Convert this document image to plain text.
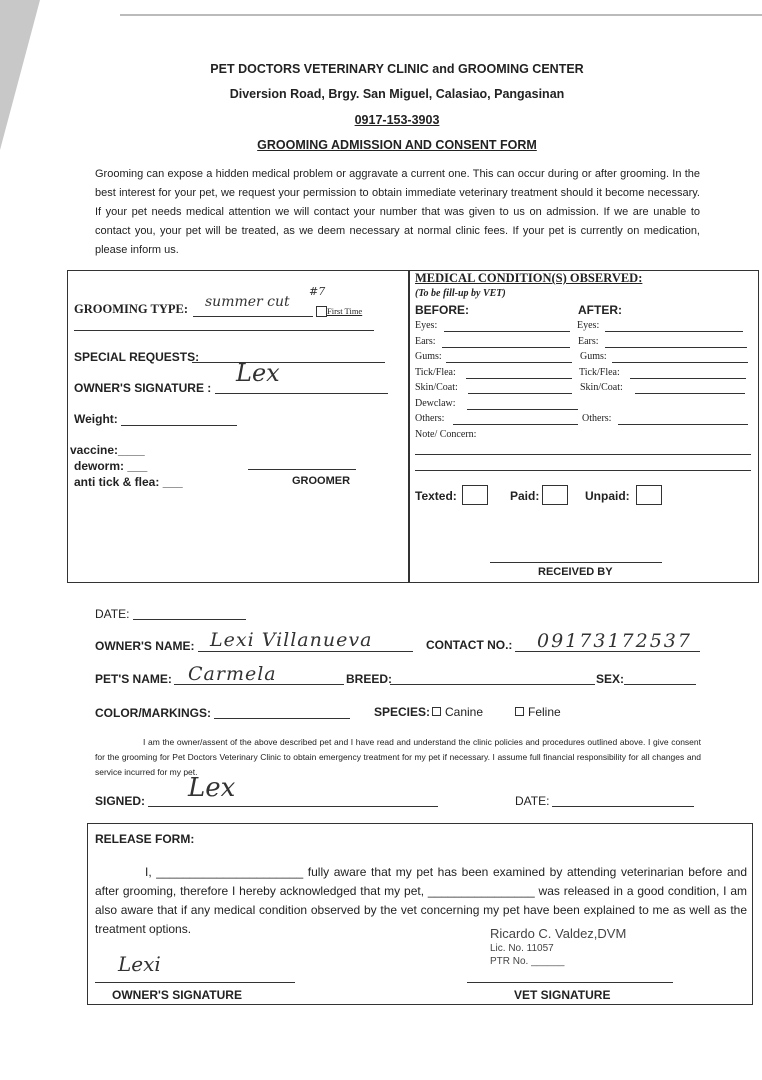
PET DOCTORS VETERINARY CLINIC and GROOMING CENTER
Diversion Road, Brgy. San Miguel, Calasiao, Pangasinan
0917-153-3903
GROOMING ADMISSION AND CONSENT FORM
Grooming can expose a hidden medical problem or aggravate a current one. This can occur during or after grooming. In the best interest for your pet, we request your permission to obtain immediate veterinary treatment should it become necessary. If your pet needs medical attention we will contact your number that was given to us on admission. If we are unable to contact you, your pet will be treated, as we deem necessary at normal clinic fees. If your pet is currently on medication, please inform us.
GROOMING TYPE: summer cut
#7
First Time
SPECIAL REQUESTS:
OWNER'S SIGNATURE :
Lex
Weight:
vaccine:____
deworm: ___
anti tick & flea: ___	GROOMER
MEDICAL CONDITION(S) OBSERVED:
(To be fill-up by VET)
BEFORE:	AFTER:
Eyes:
Ears:
Gums:
Tick/Flea:
Skin/Coat:
Dewclaw:
Others:
Eyes:
Ears:
Gums:
Tick/Flea:
Skin/Coat:
Others:
Note/ Concern:
Texted:	Paid:	Unpaid:
RECEIVED BY
DATE:
OWNER'S NAME: Lexi Villanueva	CONTACT NO.: 09173172537
PET'S NAME: Carmela	BREED:	SEX:
COLOR/MARKINGS:	SPECIES:	Canine	Feline
I am the owner/assent of the above described pet and I have read and understand the clinic policies and procedures outlined above. I give consent for the grooming for Pet Doctors Veterinary Clinic to obtain emergency treatment for my pet if necessary. I assume full financial responsibility for all changes and service incurred for my pet.
SIGNED: Lex	DATE:
RELEASE FORM:
I, ______________________ fully aware that my pet has been examined by attending veterinarian before and after grooming, therefore I hereby acknowledged that my pet, ________________ was released in a good condition, I am also aware that if any medical condition observed by the vet concerning my pet have been explained to me as well as the treatment options.	Ricardo C. Valdez,DVM
Lic. No. 11057
PTR No. ______
Lexi
OWNER'S SIGNATURE	VET SIGNATURE
